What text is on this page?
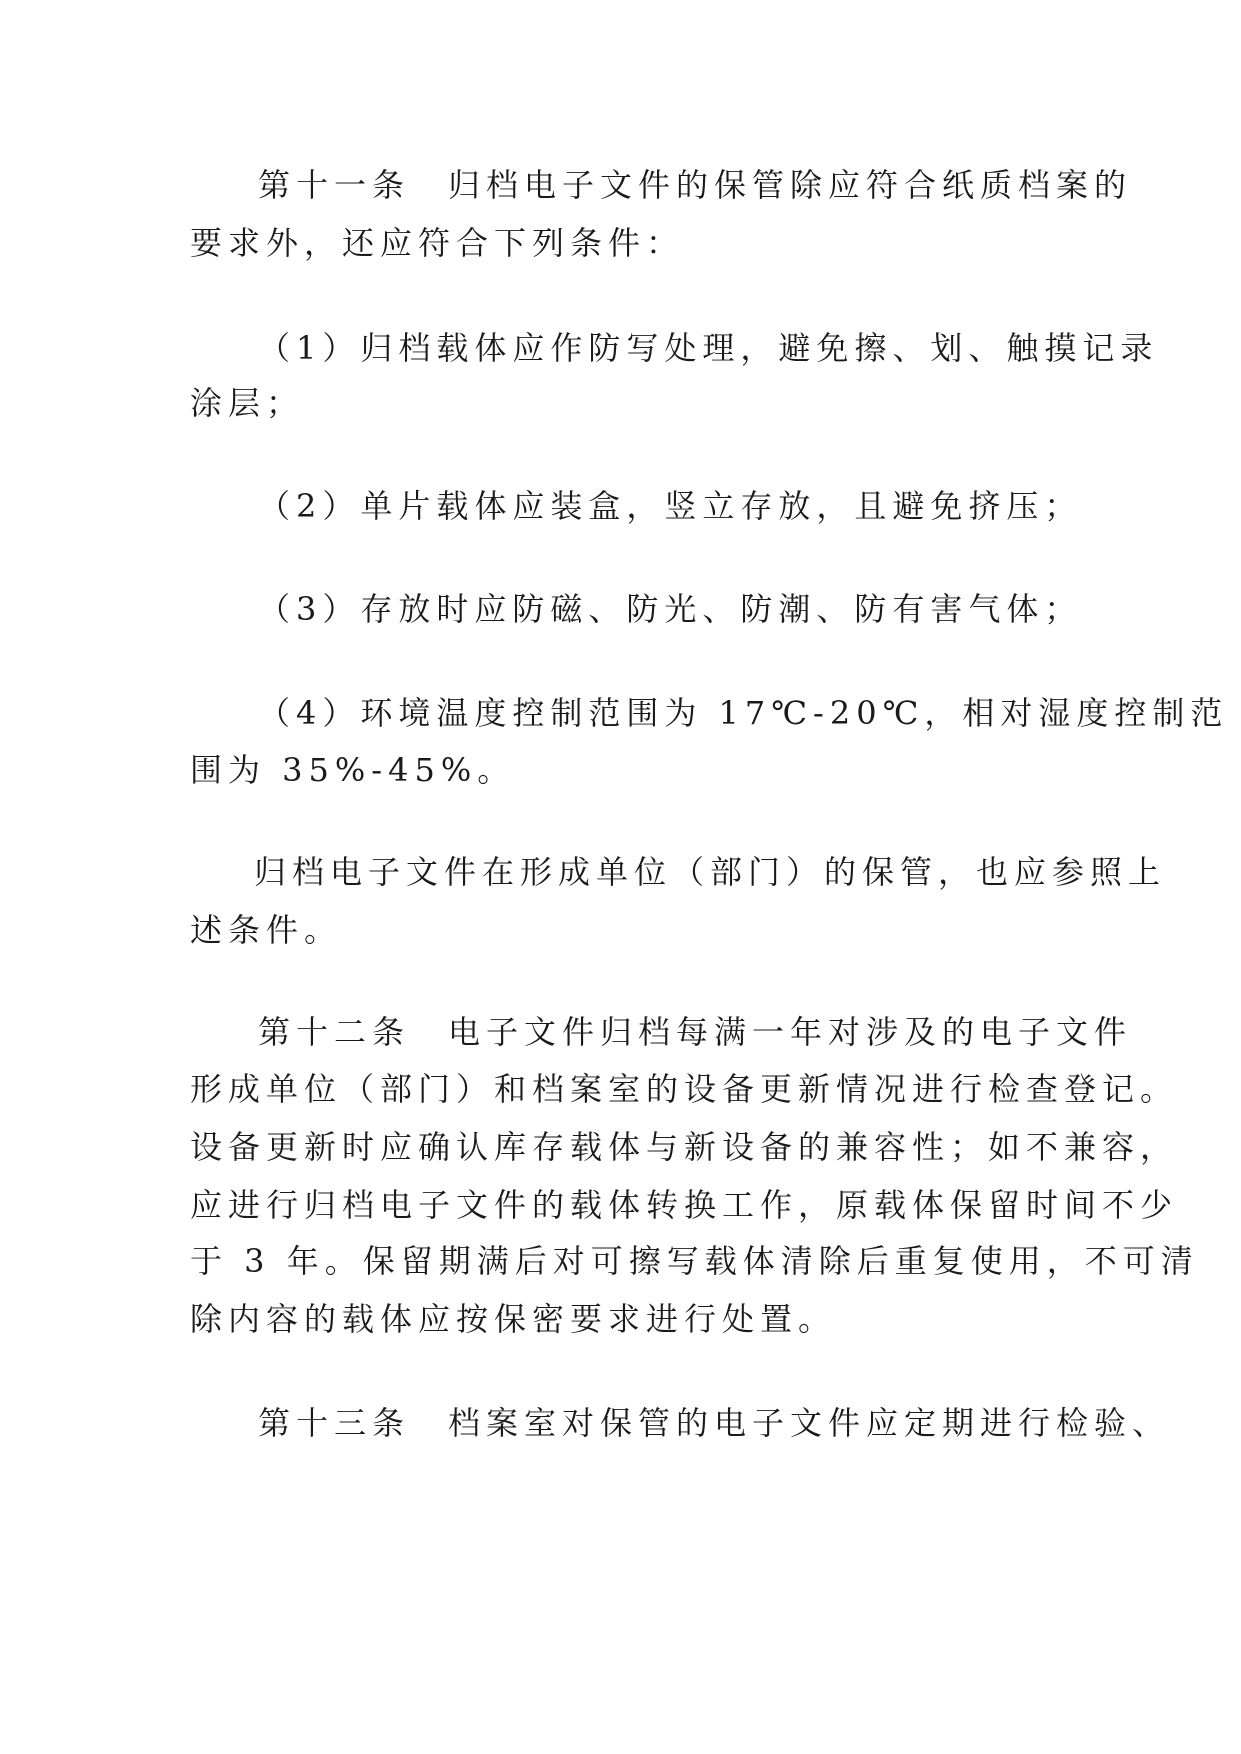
第十一条　归档电子文件的保管除应符合纸质档案的
要求外，还应符合下列条件：
（1）归档载体应作防写处理，避免擦、划、触摸记录
涂层；
（2）单片载体应装盒，竖立存放，且避免挤压；
（3）存放时应防磁、防光、防潮、防有害气体；
（4）环境温度控制范围为 17℃-20℃，相对湿度控制范
围为 35%-45%。
归档电子文件在形成单位（部门）的保管，也应参照上
述条件。
第十二条　电子文件归档每满一年对涉及的电子文件
形成单位（部门）和档案室的设备更新情况进行检查登记。
设备更新时应确认库存载体与新设备的兼容性；如不兼容，
应进行归档电子文件的载体转换工作，原载体保留时间不少
于 3 年。保留期满后对可擦写载体清除后重复使用，不可清
除内容的载体应按保密要求进行处置。
第十三条　档案室对保管的电子文件应定期进行检验、
